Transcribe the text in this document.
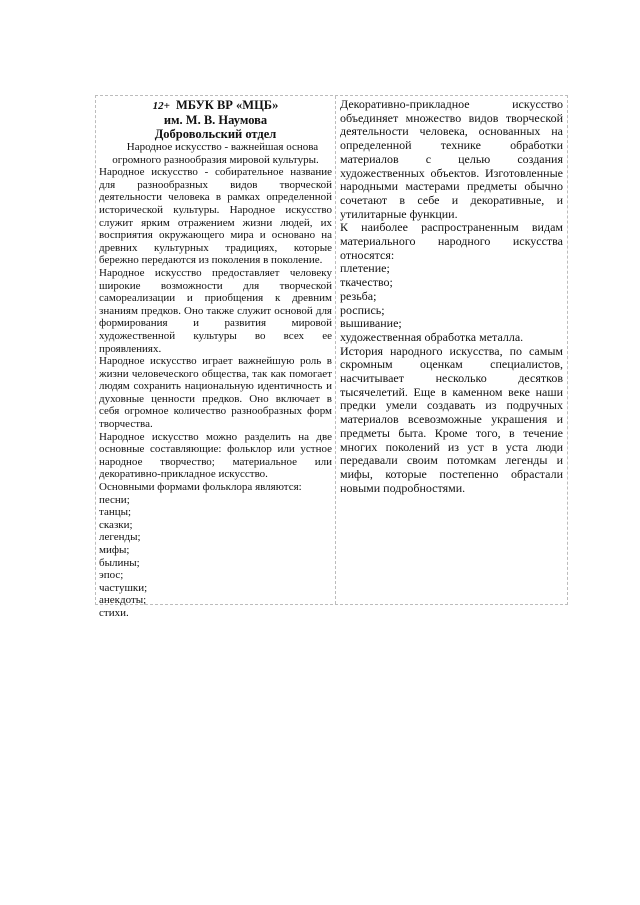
12+ МБУК ВР «МЦБ»
им. М. В. Наумова
Добровольский отдел

Народное искусство - важнейшая основа огромного разнообразия мировой культуры.

Народное искусство - собирательное название для разнообразных видов творческой деятельности человека в рамках определенной исторической культуры. Народное искусство служит ярким отражением жизни людей, их восприятия окружающего мира и основано на древних культурных традициях, которые бережно передаются из поколения в поколение.

Народное искусство предоставляет человеку широкие возможности для творческой самореализации и приобщения к древним знаниям предков. Оно также служит основой для формирования и развития мировой художественной культуры во всех ее проявлениях.

Народное искусство играет важнейшую роль в жизни человеческого общества, так как помогает людям сохранить национальную идентичность и духовные ценности предков. Оно включает в себя огромное количество разнообразных форм творчества.

Народное искусство можно разделить на две основные составляющие: фольклор или устное народное творчество; материальное или декоративно-прикладное искусство.

Основными формами фольклора являются:

песни;
танцы;
сказки;
легенды;
мифы;
былины;
эпос;
частушки;
анекдоты;
стихи.

Декоративно-прикладное искусство объединяет множество видов творческой деятельности человека, основанных на определенной технике обработки материалов с целью создания художественных объектов. Изготовленные народными мастерами предметы обычно сочетают в себе и декоративные, и утилитарные функции.

К наиболее распространенным видам материального народного искусства относятся:

плетение;
ткачество;
резьба;
роспись;
вышивание;
художественная обработка металла.

История народного искусства, по самым скромным оценкам специалистов, насчитывает несколько десятков тысячелетий. Еще в каменном веке наши предки умели создавать из подручных материалов всевозможные украшения и предметы быта. Кроме того, в течение многих поколений из уст в уста люди передавали своим потомкам легенды и мифы, которые постепенно обрастали новыми подробностями.
